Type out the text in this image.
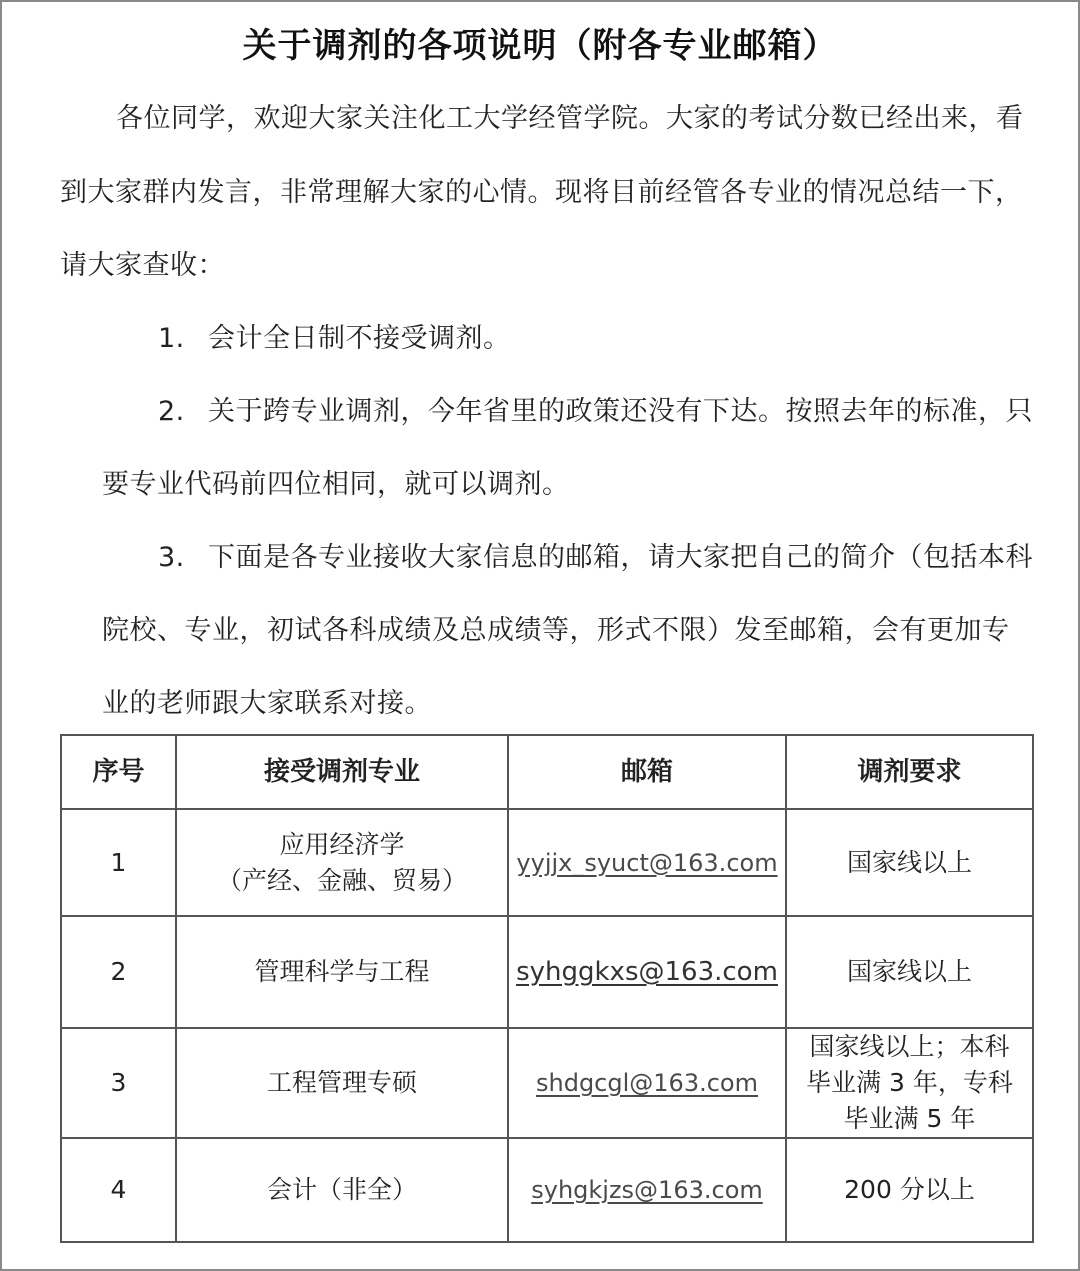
关于调剂的各项说明（附各专业邮箱）
各位同学，欢迎大家关注化工大学经管学院。大家的考试分数已经出来，看
到大家群内发言，非常理解大家的心情。现将目前经管各专业的情况总结一下，
请大家查收：
1. 会计全日制不接受调剂。
2. 关于跨专业调剂，今年省里的政策还没有下达。按照去年的标准，只
要专业代码前四位相同，就可以调剂。
3. 下面是各专业接收大家信息的邮箱，请大家把自己的简介（包括本科
院校、专业，初试各科成绩及总成绩等，形式不限）发至邮箱，会有更加专
业的老师跟大家联系对接。
序号	接受调剂专业	邮箱	调剂要求
1	应用经济学
（产经、金融、贸易）	yyjjx_syuct@163.com	国家线以上

2	管理科学与工程	syhggkxs@163.com	国家线以上

3	工程管理专硕	shdgcgl@163.com	国家线以上；本科
毕业满 3 年，专科
毕业满 5 年

4	会计（非全）	syhgkjzs@163.com	200 分以上
